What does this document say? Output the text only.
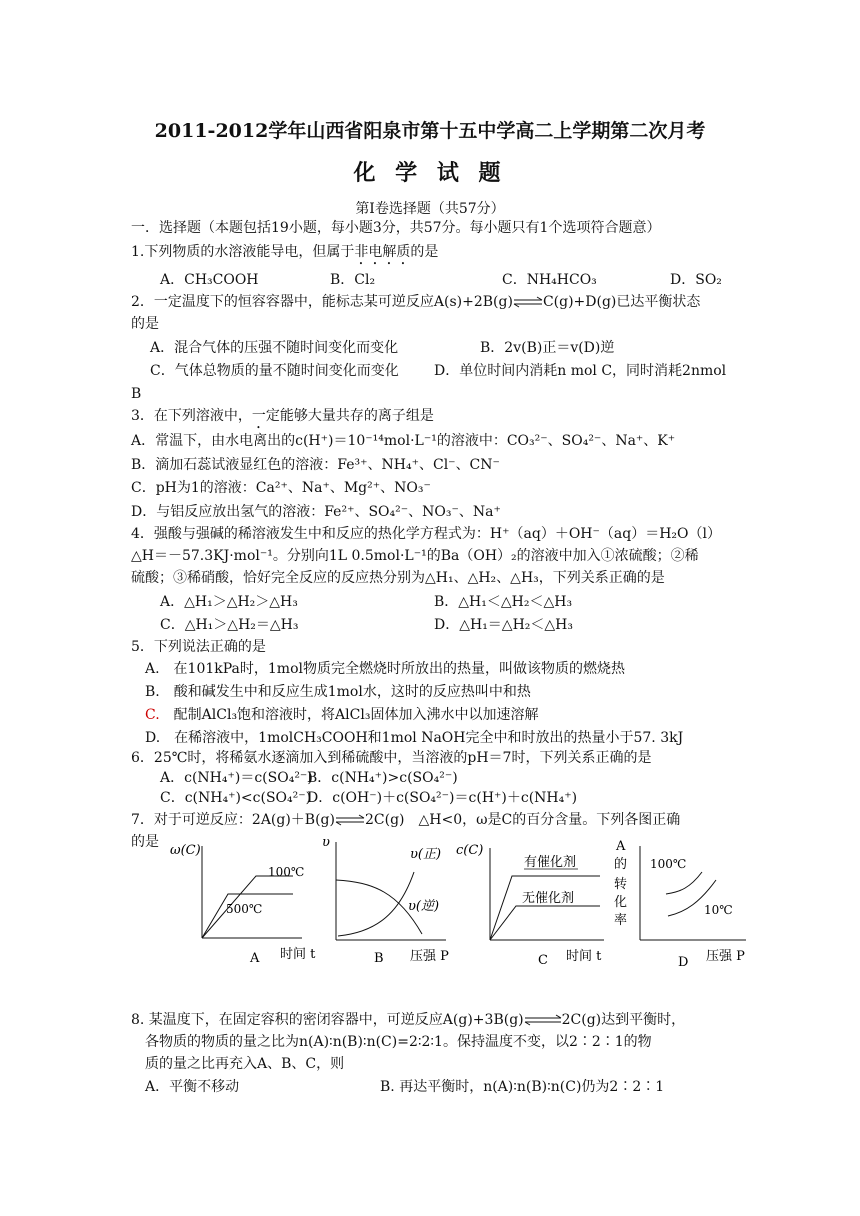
2011-2012学年山西省阳泉市第十五中学高二上学期第二次月考
化 学 试 题
第Ⅰ卷选择题（共57分）
一．选择题（本题包括19小题，每小题3分，共57分。每小题只有1个选项符合题意）
1.下列物质的水溶液能导电，但属于非电解质的是
A．CH₃COOH	B．Cl₂	C．NH₄HCO₃	D．SO₂
2．一定温度下的恒容容器中，能标志某可逆反应A(s)+2B(g)⇌C(g)+D(g)已达平衡状态
的是
A．混合气体的压强不随时间变化而变化	B．2v(B)正＝v(D)逆
C．气体总物质的量不随时间变化而变化	D．单位时间内消耗n mol C，同时消耗2nmol
B
3．在下列溶液中，一定能够大量共存的离子组是
A．常温下，由水电离出的c(H⁺)＝10⁻¹⁴mol·L⁻¹的溶液中：CO₃²⁻、SO₄²⁻、Na⁺、K⁺
B．滴加石蕊试液显红色的溶液：Fe³⁺、NH₄⁺、Cl⁻、CN⁻
C．pH为1的溶液：Ca²⁺、Na⁺、Mg²⁺、NO₃⁻
D．与铝反应放出氢气的溶液：Fe²⁺、SO₄²⁻、NO₃⁻、Na⁺
4．强酸与强碱的稀溶液发生中和反应的热化学方程式为：H⁺（aq）＋OH⁻（aq）＝H₂O（l）
△H＝－57.3KJ·mol⁻¹。分别向1L 0.5mol·L⁻¹的Ba（OH）₂的溶液中加入①浓硫酸；②稀
硫酸；③稀硝酸，恰好完全反应的反应热分别为△H₁、△H₂、△H₃，下列关系正确的是
A．△H₁＞△H₂＞△H₃	B．△H₁＜△H₂＜△H₃
C．△H₁＞△H₂＝△H₃	D．△H₁＝△H₂＜△H₃
5．下列说法正确的是
A.　在101kPa时，1mol物质完全燃烧时所放出的热量，叫做该物质的燃烧热
B.　酸和碱发生中和反应生成1mol水，这时的反应热叫中和热
C.　配制AlCl₃饱和溶液时，将AlCl₃固体加入沸水中以加速溶解
D.　在稀溶液中，1molCH₃COOH和1mol NaOH完全中和时放出的热量小于57. 3kJ
6．25℃时，将稀氨水逐滴加入到稀硫酸中，当溶液的pH＝7时，下列关系正确的是
A．c(NH₄⁺)＝c(SO₄²⁻)
B．c(NH₄⁺)>c(SO₄²⁻)
C．c(NH₄⁺)<c(SO₄²⁻)
D．c(OH⁻)＋c(SO₄²⁻)＝c(H⁺)＋c(NH₄⁺)
7．对于可逆反应：2A(g)＋B(g)⇌2C(g)　△H<0，ω是C的百分含量。下列各图正确
的是
ω(C)
100℃
500℃
时间 t
A
υ
υ(正)
υ(逆)
压强 P
B
c(C)
有催化剂
无催化剂
时间 t
C
A
的
转
化
率
100℃
10℃
压强 P
D
8. 某温度下，在固定容积的密闭容器中，可逆反应A(g)+3B(g)⇌2C(g)达到平衡时，
各物质的物质的量之比为n(A)∶n(B)∶n(C)=2∶2∶1。保持温度不变，以2∶2∶1的物
质的量之比再充入A、B、C，则
A．平衡不移动	B. 再达平衡时，n(A)∶n(B)∶n(C)仍为2∶2∶1
